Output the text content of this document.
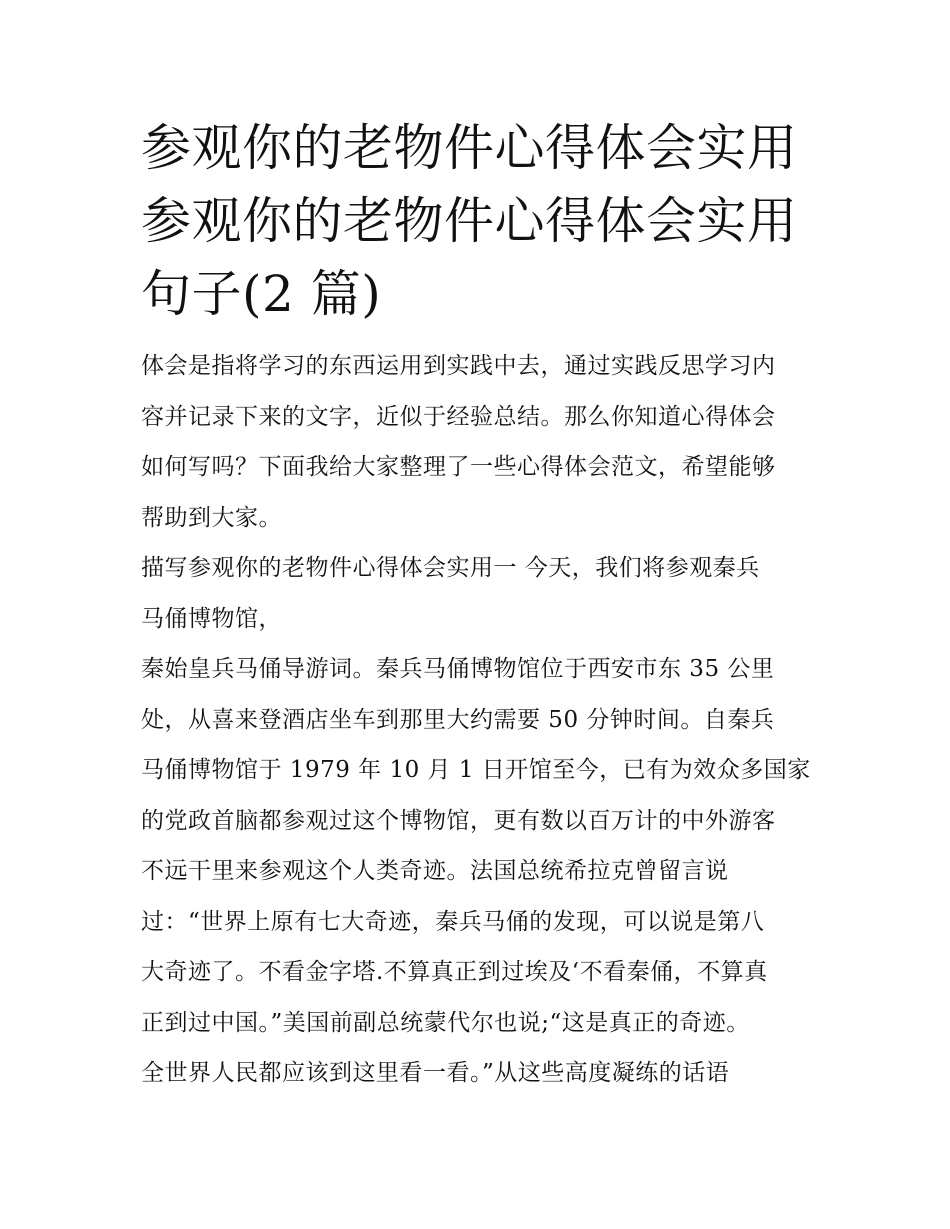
参观你的老物件心得体会实用
参观你的老物件心得体会实用
句子(2 篇)

体会是指将学习的东西运用到实践中去，通过实践反思学习内
容并记录下来的文字，近似于经验总结。那么你知道心得体会
如何写吗？下面我给大家整理了一些心得体会范文，希望能够
帮助到大家。

描写参观你的老物件心得体会实用一 今天，我们将参观秦兵
马俑博物馆，

秦始皇兵马俑导游词。秦兵马俑博物馆位于西安市东 35 公里
处，从喜来登酒店坐车到那里大约需要 50 分钟时间。自秦兵
马俑博物馆于 1979 年 10 月 1 日开馆至今，已有为效众多国家
的党政首脑都参观过这个博物馆，更有数以百万计的中外游客
不远干里来参观这个人类奇迹。法国总统希拉克曾留言说
过：“世界上原有七大奇迹，秦兵马俑的发现，可以说是第八
大奇迹了。不看金字塔.不算真正到过埃及‘不看秦俑，不算真
正到过中国。”美国前副总统蒙代尔也说;“这是真正的奇迹。
全世界人民都应该到这里看一看。”从这些高度凝练的话语
